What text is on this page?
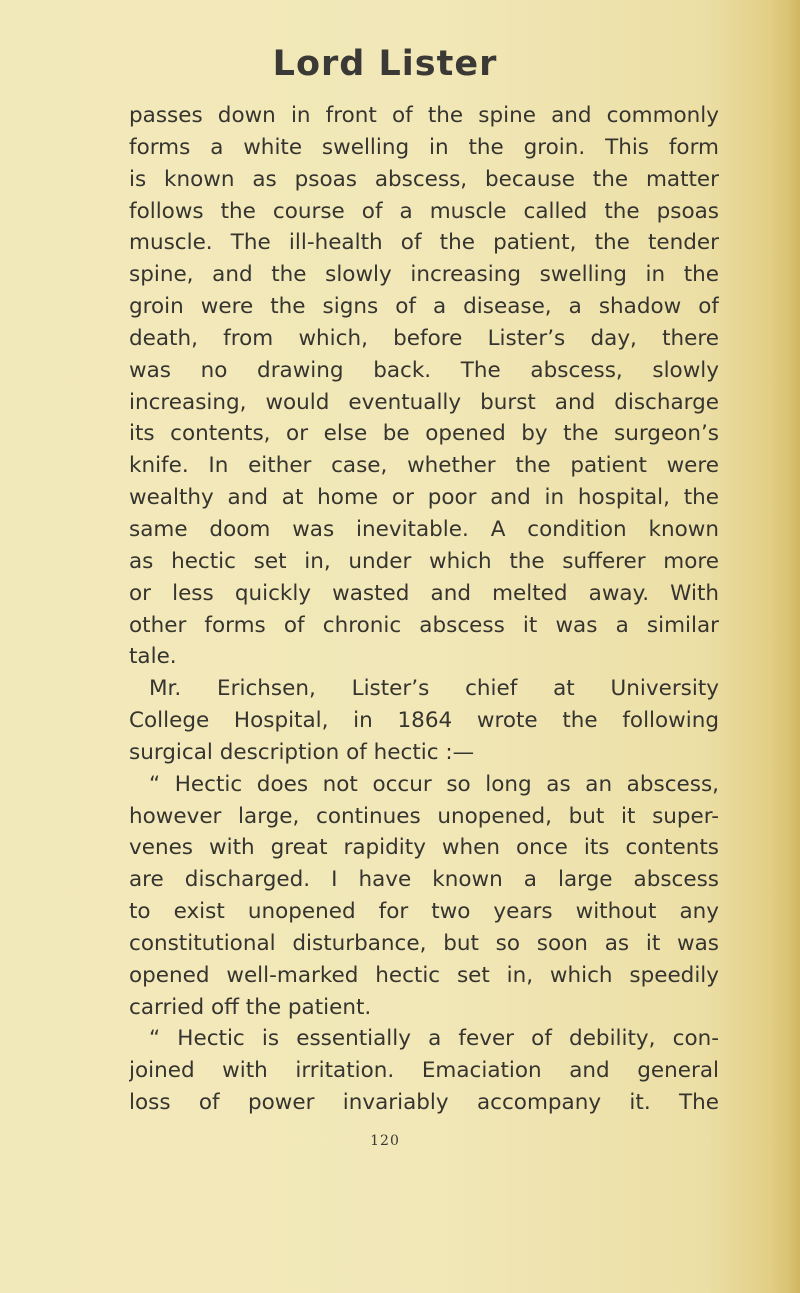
Lord Lister
passes down in front of the spine and commonly
forms a white swelling in the groin. This form
is known as psoas abscess, because the matter
follows the course of a muscle called the psoas
muscle. The ill-health of the patient, the tender
spine, and the slowly increasing swelling in the
groin were the signs of a disease, a shadow of
death, from which, before Lister’s day, there
was no drawing back. The abscess, slowly
increasing, would eventually burst and discharge
its contents, or else be opened by the surgeon’s
knife. In either case, whether the patient were
wealthy and at home or poor and in hospital, the
same doom was inevitable. A condition known
as hectic set in, under which the sufferer more
or less quickly wasted and melted away. With
other forms of chronic abscess it was a similar
tale.
Mr. Erichsen, Lister’s chief at University
College Hospital, in 1864 wrote the following
surgical description of hectic :—
“ Hectic does not occur so long as an abscess,
however large, continues unopened, but it super-
venes with great rapidity when once its contents
are discharged. I have known a large abscess
to exist unopened for two years without any
constitutional disturbance, but so soon as it was
opened well-marked hectic set in, which speedily
carried off the patient.
“ Hectic is essentially a fever of debility, con-
joined with irritation. Emaciation and general
loss of power invariably accompany it. The
120
